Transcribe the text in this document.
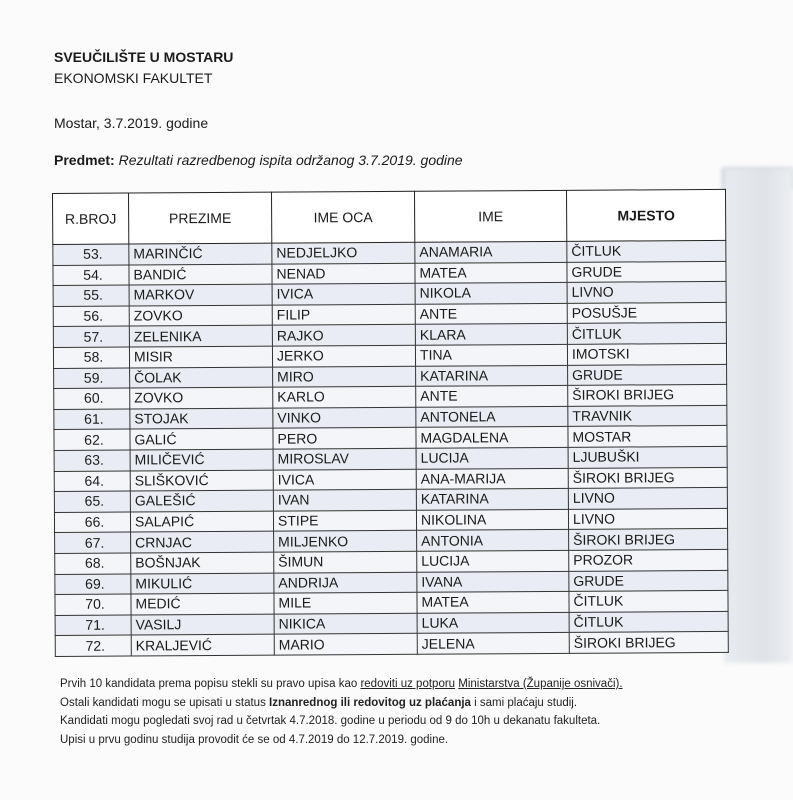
SVEUČILIŠTE U MOSTARU
EKONOMSKI FAKULTET
Mostar, 3.7.2019. godine
Predmet: Rezultati razredbenog ispita održanog 3.7.2019. godine
R.BROJ	PREZIME	IME OCA	IME	MJESTO
53.	MARINČIĆ	NEDJELJKO	ANAMARIA	ČITLUK
54.	BANDIĆ	NENAD	MATEA	GRUDE
55.	MARKOV	IVICA	NIKOLA	LIVNO
56.	ZOVKO	FILIP	ANTE	POSUŠJE
57.	ZELENIKA	RAJKO	KLARA	ČITLUK
58.	MISIR	JERKO	TINA	IMOTSKI
59.	ČOLAK	MIRO	KATARINA	GRUDE
60.	ZOVKO	KARLO	ANTE	ŠIROKI BRIJEG
61.	STOJAK	VINKO	ANTONELA	TRAVNIK
62.	GALIĆ	PERO	MAGDALENA	MOSTAR
63.	MILIČEVIĆ	MIROSLAV	LUCIJA	LJUBUŠKI
64.	SLIŠKOVIĆ	IVICA	ANA-MARIJA	ŠIROKI BRIJEG
65.	GALEŠIĆ	IVAN	KATARINA	LIVNO
66.	SALAPIĆ	STIPE	NIKOLINA	LIVNO
67.	CRNJAC	MILJENKO	ANTONIA	ŠIROKI BRIJEG
68.	BOŠNJAK	ŠIMUN	LUCIJA	PROZOR
69.	MIKULIĆ	ANDRIJA	IVANA	GRUDE
70.	MEDIĆ	MILE	MATEA	ČITLUK
71.	VASILJ	NIKICA	LUKA	ČITLUK
72.	KRALJEVIĆ	MARIO	JELENA	ŠIROKI BRIJEG

Prvih 10 kandidata prema popisu stekli su pravo upisa kao redoviti uz potporu Ministarstva (Županije osnivači).

Ostali kandidati mogu se upisati u status Iznanrednog ili redovitog uz plaćanja i sami plaćaju studij.

Kandidati mogu pogledati svoj rad u četvrtak 4.7.2018. godine u periodu od 9 do 10h u dekanatu fakulteta.

Upisi u prvu godinu studija provodit će se od 4.7.2019 do 12.7.2019. godine.
